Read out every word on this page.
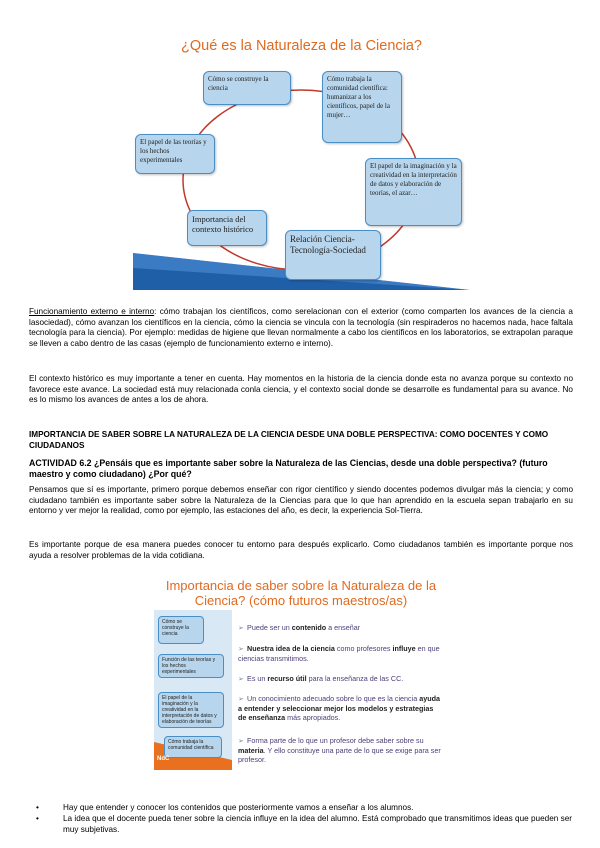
¿Qué es la Naturaleza de la Ciencia?
Cómo se construye la ciencia
Cómo trabaja la comunidad científica: humanizar a los científicos, papel de la mujer…
El papel de las teorías y los hechos experimentales
El papel de la imaginación y la creatividad en la interpretación de datos y elaboración de teorías, el azar…
Importancia del contexto histórico
Relación Ciencia-Tecnología-Sociedad
Funcionamiento externo e interno: cómo trabajan los científicos, como serelacionan con el exterior (como comparten los avances de la ciencia a lasociedad), cómo avanzan los científicos en la ciencia, cómo la ciencia se vincula con la tecnología (sin respiraderos no hacemos nada, hace faltala tecnología para la ciencia). Por ejemplo: medidas de higiene que llevan normalmente a cabo los científicos en los laboratorios, se extrapolan paraque se lleven a cabo dentro de las casas (ejemplo de funcionamiento externo e interno).
El contexto histórico es muy importante a tener en cuenta. Hay momentos en la historia de la ciencia donde esta no avanza porque su contexto no favorece este avance. La sociedad está muy relacionada conla ciencia, y el contexto social donde se desarrolle es fundamental para su avance. No es lo mismo los avances de antes a los de ahora.
IMPORTANCIA DE SABER SOBRE LA NATURALEZA DE LA CIENCIA DESDE UNA DOBLE PERSPECTIVA: COMO DOCENTES Y COMO CIUDADANOS
ACTIVIDAD 6.2 ¿Pensáis que es importante saber sobre la Naturaleza de las Ciencias, desde una doble perspectiva? (futuro maestro y como ciudadano) ¿Por qué?
Pensamos que sí es importante, primero porque debemos enseñar con rigor científico y siendo docentes podemos divulgar más la ciencia; y como ciudadano también es importante saber sobre la Naturaleza de la Ciencias para que lo que han aprendido en la escuela sepan trabajarlo en su entorno y ver mejor la realidad, como por ejemplo, las estaciones del año, es decir, la experiencia Sol-Tierra.
Es importante porque de esa manera puedes conocer tu entorno para después explicarlo. Como ciudadanos también es importante porque nos ayuda a resolver problemas de la vida cotidiana.
Importancia de saber sobre la Naturaleza de la
Ciencia? (cómo futuros maestros/as)
Cómo se construye la ciencia
Función de las teorías y los hechos experimentales
El papel de la imaginación y la creatividad en la interpretación de datos y elaboración de teorías
Cómo trabaja la comunidad científica
NdC
➢ Puede ser un contenido a enseñar
➢ Nuestra idea de la ciencia como profesores influye en que ciencias transmitimos.
➢ Es un recurso útil para la enseñanza de las CC.
➢ Un conocimiento adecuado sobre lo que es la ciencia ayuda a entender y seleccionar mejor los modelos y estrategias de enseñanza más apropiados.
➢ Forma parte de lo que un profesor debe saber sobre su materia. Y ello constituye una parte de lo que se exige para ser profesor.
•	Hay que entender y conocer los contenidos que posteriormente vamos a enseñar a los alumnos.
•	La idea que el docente pueda tener sobre la ciencia influye en la idea del alumno. Está comprobado que transmitimos ideas que pueden ser muy subjetivas.
